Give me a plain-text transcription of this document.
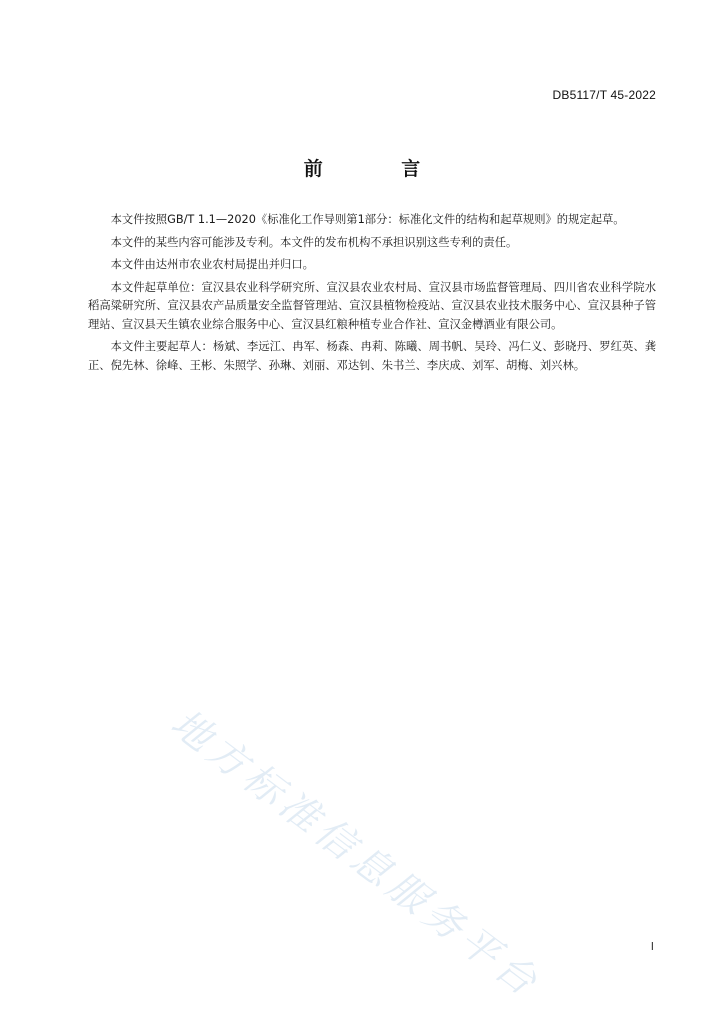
DB5117/T 45-2022
前 言

本文件按照GB/T 1.1—2020《标准化工作导则第1部分：标准化文件的结构和起草规则》的规定起草。

本文件的某些内容可能涉及专利。本文件的发布机构不承担识别这些专利的责任。

本文件由达州市农业农村局提出并归口。

本文件起草单位：宣汉县农业科学研究所、宣汉县农业农村局、宣汉县市场监督管理局、四川省农业科学院水稻高粱研究所、宣汉县农产品质量安全监督管理站、宣汉县植物检疫站、宣汉县农业技术服务中心、宣汉县种子管理站、宣汉县天生镇农业综合服务中心、宣汉县红粮种植专业合作社、宣汉金樽酒业有限公司。

本文件主要起草人：杨斌、李远江、冉军、杨森、冉莉、陈曦、周书帆、吴玲、冯仁义、彭晓丹、罗红英、龚正、倪先林、徐峰、王彬、朱照学、孙琳、刘丽、邓达钊、朱书兰、李庆成、刘军、胡梅、刘兴林。

地方标准信息服务平台	I
